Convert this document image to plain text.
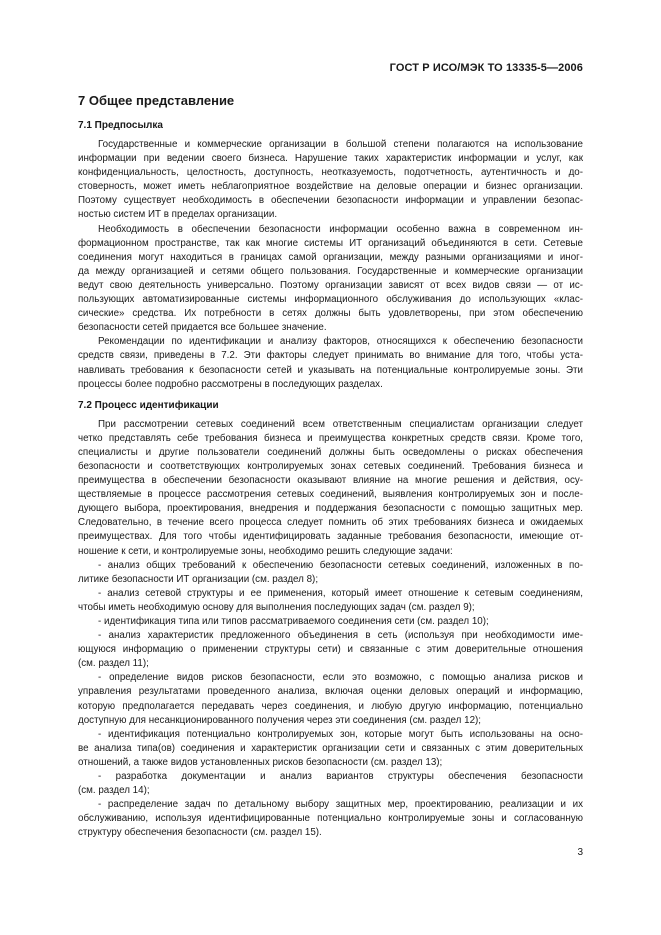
ГОСТ Р ИСО/МЭК ТО 13335-5—2006
7 Общее представление
7.1 Предпосылка
Государственные и коммерческие организации в большой степени полагаются на использование
информации при ведении своего бизнеса. Нарушение таких характеристик информации и услуг, как
конфиденциальность, целостность, доступность, неотказуемость, подотчетность, аутентичность и до-
стоверность, может иметь неблагоприятное воздействие на деловые операции и бизнес организации.
Поэтому существует необходимость в обеспечении безопасности информации и управлении безопас-
ностью систем ИТ в пределах организации.
Необходимость в обеспечении безопасности информации особенно важна в современном ин-
формационном пространстве, так как многие системы ИТ организаций объединяются в сети. Сетевые
соединения могут находиться в границах самой организации, между разными организациями и иног-
да между организацией и сетями общего пользования. Государственные и коммерческие организации
ведут свою деятельность универсально. Поэтому организации зависят от всех видов связи — от ис-
пользующих автоматизированные системы информационного обслуживания до использующих «клас-
сические» средства. Их потребности в сетях должны быть удовлетворены, при этом обеспечению
безопасности сетей придается все большее значение.
Рекомендации по идентификации и анализу факторов, относящихся к обеспечению безопасности
средств связи, приведены в 7.2. Эти факторы следует принимать во внимание для того, чтобы уста-
навливать требования к безопасности сетей и указывать на потенциальные контролируемые зоны. Эти
процессы более подробно рассмотрены в последующих разделах.
7.2 Процесс идентификации
При рассмотрении сетевых соединений всем ответственным специалистам организации следует
четко представлять себе требования бизнеса и преимущества конкретных средств связи. Кроме того,
специалисты и другие пользователи соединений должны быть осведомлены о рисках обеспечения
безопасности и соответствующих контролируемых зонах сетевых соединений. Требования бизнеса и
преимущества в обеспечении безопасности оказывают влияние на многие решения и действия, осу-
ществляемые в процессе рассмотрения сетевых соединений, выявления контролируемых зон и после-
дующего выбора, проектирования, внедрения и поддержания безопасности с помощью защитных мер.
Следовательно, в течение всего процесса следует помнить об этих требованиях бизнеса и ожидаемых
преимуществах. Для того чтобы идентифицировать заданные требования безопасности, имеющие от-
ношение к сети, и контролируемые зоны, необходимо решить следующие задачи:
- анализ общих требований к обеспечению безопасности сетевых соединений, изложенных в по-
литике безопасности ИТ организации (см. раздел 8);
- анализ сетевой структуры и ее применения, который имеет отношение к сетевым соединениям,
чтобы иметь необходимую основу для выполнения последующих задач (см. раздел 9);
- идентификация типа или типов рассматриваемого соединения сети (см. раздел 10);
- анализ характеристик предложенного объединения в сеть (используя при необходимости име-
ющуюся информацию о применении структуры сети) и связанные с этим доверительные отношения
(см. раздел 11);
- определение видов рисков безопасности, если это возможно, с помощью анализа рисков и
управления результатами проведенного анализа, включая оценки деловых операций и информацию,
которую предполагается передавать через соединения, и любую другую информацию, потенциально
доступную для несанкционированного получения через эти соединения (см. раздел 12);
- идентификация потенциально контролируемых зон, которые могут быть использованы на осно-
ве анализа типа(ов) соединения и характеристик организации сети и связанных с этим доверительных
отношений, а также видов установленных рисков безопасности (см. раздел 13);
- разработка документации и анализ вариантов структуры обеспечения безопасности
(см. раздел 14);
- распределение задач по детальному выбору защитных мер, проектированию, реализации и их
обслуживанию, используя идентифицированные потенциально контролируемые зоны и согласованную
структуру обеспечения безопасности (см. раздел 15).
3
